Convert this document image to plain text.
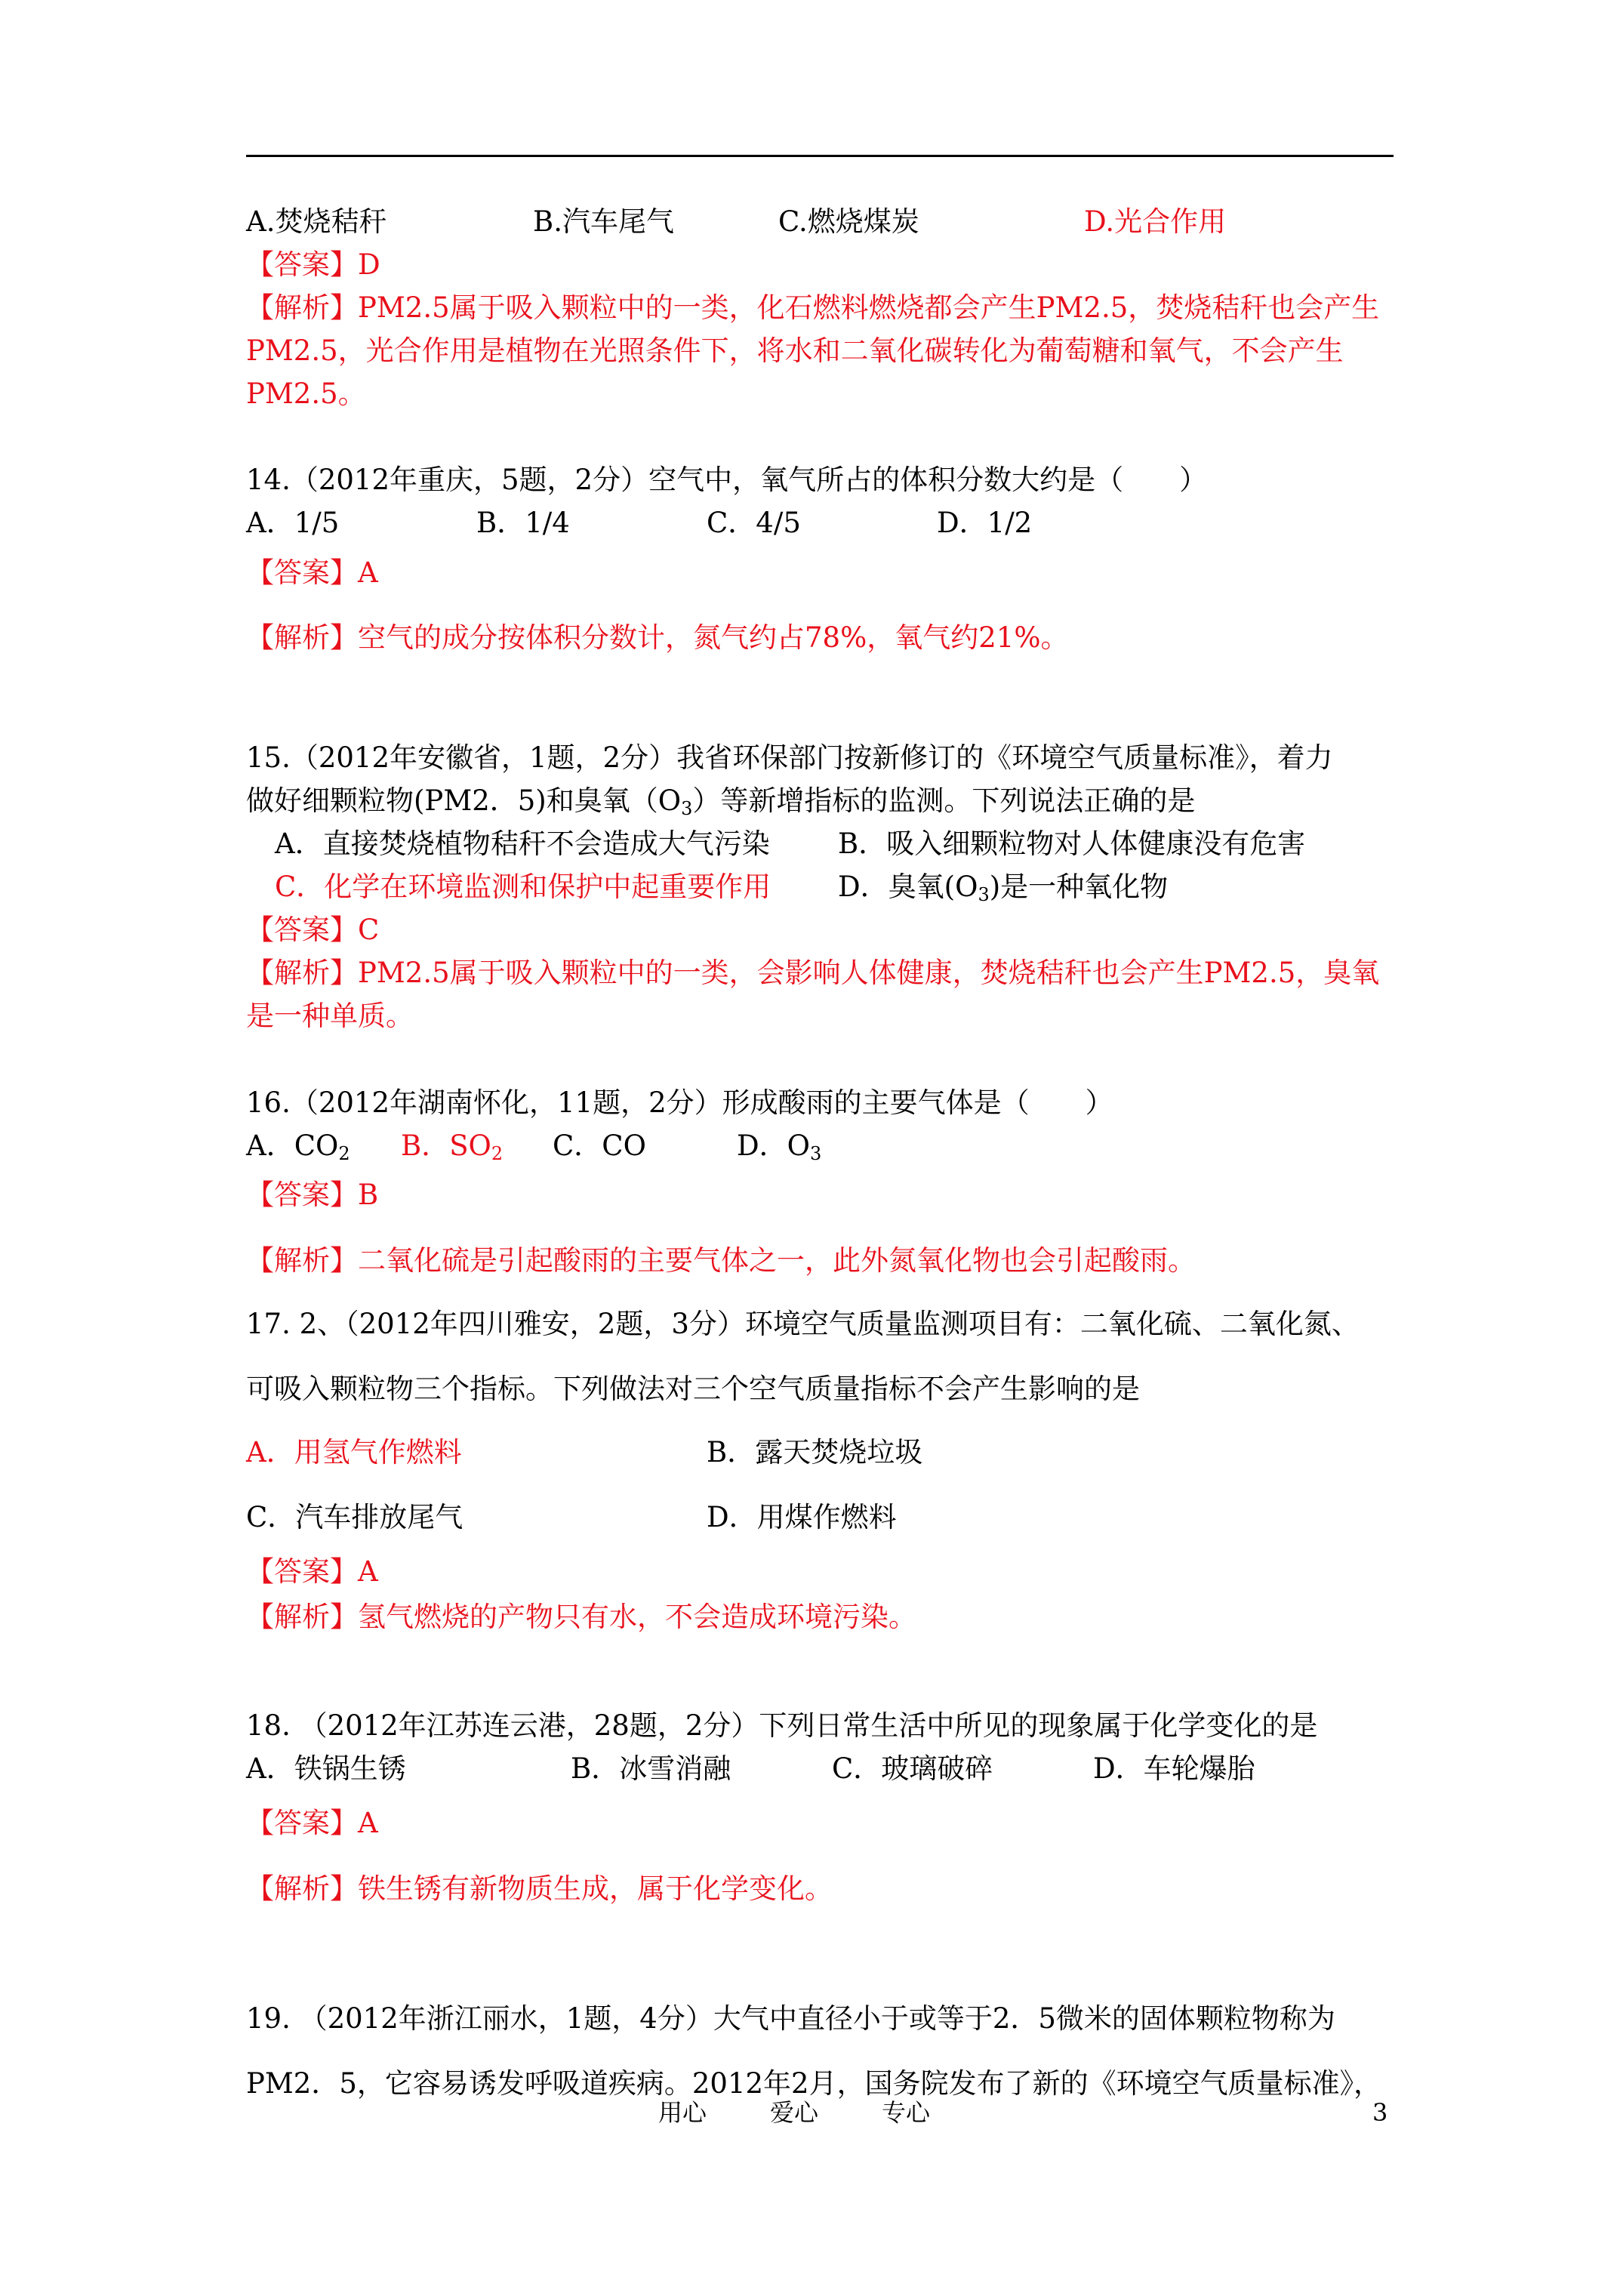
A.焚烧秸秆	B.汽车尾气	C.燃烧煤炭	D.光合作用
【答案】D
【解析】PM2.5属于吸入颗粒中的一类，化石燃料燃烧都会产生PM2.5，焚烧秸秆也会产生
PM2.5，光合作用是植物在光照条件下，将水和二氧化碳转化为葡萄糖和氧气，不会产生
PM2.5。
14.（2012年重庆，5题，2分）空气中，氧气所占的体积分数大约是（　　）
A．1/5	B．1/4	C．4/5	D．1/2
【答案】A
【解析】空气的成分按体积分数计，氮气约占78%，氧气约21%。
15.（2012年安徽省，1题，2分）我省环保部门按新修订的《环境空气质量标准》，着力
做好细颗粒物(PM2．5)和臭氧$(O_3)$等新增指标的监测。下列说法正确的是
A．直接焚烧植物秸秆不会造成大气污染 B．吸入细颗粒物对人体健康没有危害
C．化学在环境监测和保护中起重要作用 D．臭氧$(O_3)$是一种氧化物
【答案】C
【解析】PM2.5属于吸入颗粒中的一类，会影响人体健康，焚烧秸秆也会产生PM2.5，臭氧
是一种单质。
16.（2012年湖南怀化，11题，2分）形成酸雨的主要气体是（　　）
A．$CO_2$ B．$SO_2$ C．CO	D．$O_3$
【答案】B
【解析】二氧化硫是引起酸雨的主要气体之一，此外氮氧化物也会引起酸雨。
17. 2、（2012年四川雅安，2题，3分）环境空气质量监测项目有：二氧化硫、二氧化氮、
可吸入颗粒物三个指标。下列做法对三个空气质量指标不会产生影响的是
A．用氢气作燃料	B．露天焚烧垃圾
C．汽车排放尾气	D．用煤作燃料
【答案】A
【解析】氢气燃烧的产物只有水，不会造成环境污染。
18. （2012年江苏连云港，28题，2分）下列日常生活中所见的现象属于化学变化的是
A．铁锅生锈	B．冰雪消融	C．玻璃破碎	D．车轮爆胎
【答案】A
【解析】铁生锈有新物质生成，属于化学变化。
19. （2012年浙江丽水，1题，4分）大气中直径小于或等于2．5微米的固体颗粒物称为
PM2．5，它容易诱发呼吸道疾病。2012年2月，国务院发布了新的《环境空气质量标准》，
用心	爱心	专心	3
